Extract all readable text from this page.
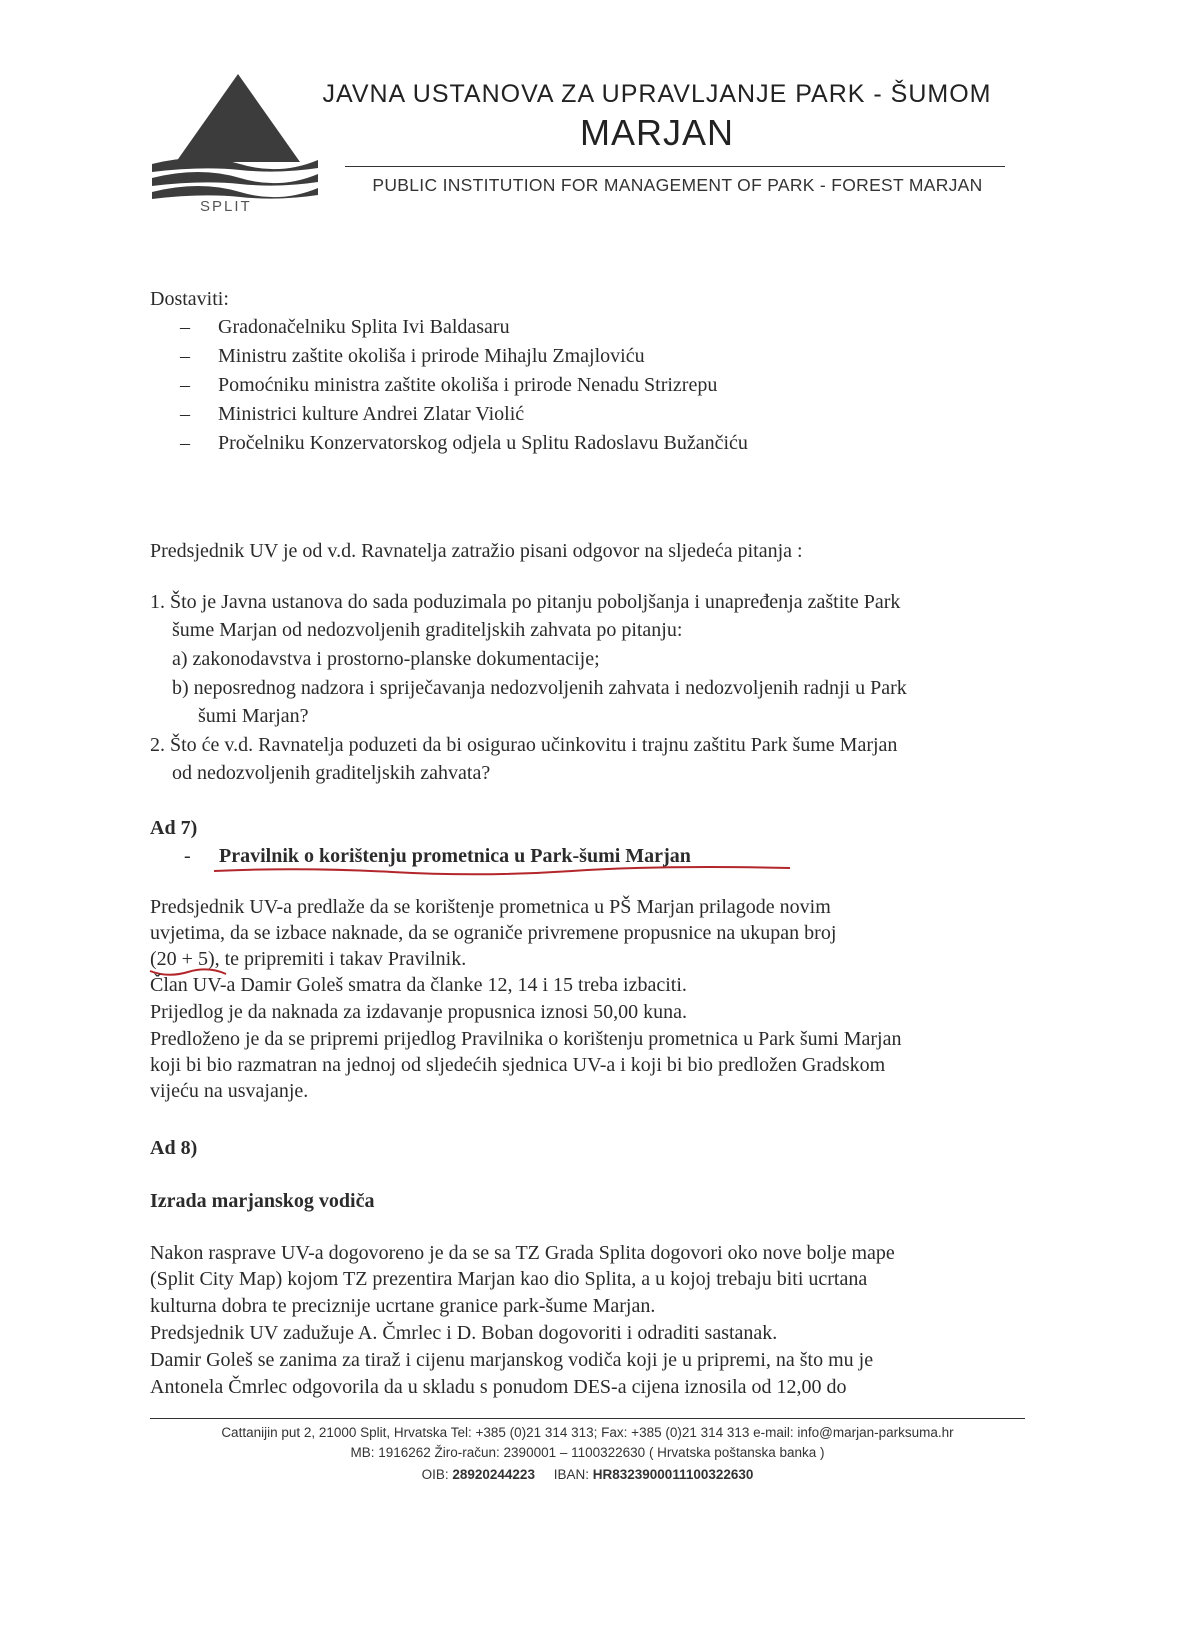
SPLIT
JAVNA USTANOVA ZA UPRAVLJANJE PARK - ŠUMOM
MARJAN
PUBLIC INSTITUTION FOR MANAGEMENT OF PARK - FOREST MARJAN
Dostaviti:
– Gradonačelniku Splita Ivi Baldasaru
– Ministru zaštite okoliša i prirode Mihajlu Zmajloviću
– Pomoćniku ministra zaštite okoliša i prirode Nenadu Strizrepu
– Ministrici kulture Andrei Zlatar Violić
– Pročelniku Konzervatorskog odjela u Splitu Radoslavu Bužančiću
Predsjednik UV je od v.d. Ravnatelja zatražio pisani odgovor na sljedeća pitanja :
1. Što je Javna ustanova do sada poduzimala po pitanju poboljšanja i unapređenja zaštite Park
šume Marjan od nedozvoljenih graditeljskih zahvata po pitanju:
a) zakonodavstva i prostorno-planske dokumentacije;
b) neposrednog nadzora i spriječavanja nedozvoljenih zahvata i nedozvoljenih radnji u Park
šumi Marjan?
2. Što će v.d. Ravnatelja poduzeti da bi osigurao učinkovitu i trajnu zaštitu Park šume Marjan
od nedozvoljenih graditeljskih zahvata?
Ad 7)
- Pravilnik o korištenju prometnica u Park-šumi Marjan
Predsjednik UV-a predlaže da se korištenje prometnica u PŠ Marjan prilagode novim
uvjetima, da se izbace naknade, da se ograniče privremene propusnice na ukupan broj
(20 + 5), te pripremiti i takav Pravilnik.
Član UV-a Damir Goleš smatra da članke 12, 14 i 15 treba izbaciti.
Prijedlog je da naknada za izdavanje propusnica iznosi 50,00 kuna.
Predloženo je da se pripremi prijedlog Pravilnika o korištenju prometnica u Park šumi Marjan
koji bi bio razmatran na jednoj od sljedećih sjednica UV-a i koji bi bio predložen Gradskom
vijeću na usvajanje.
Ad 8)
Izrada marjanskog vodiča
Nakon rasprave UV-a dogovoreno je da se sa TZ Grada Splita dogovori oko nove bolje mape
(Split City Map) kojom TZ prezentira Marjan kao dio Splita, a u kojoj trebaju biti ucrtana
kulturna dobra te preciznije ucrtane granice park-šume Marjan.
Predsjednik UV zadužuje A. Čmrlec i D. Boban dogovoriti i odraditi sastanak.
Damir Goleš se zanima za tiraž i cijenu marjanskog vodiča koji je u pripremi, na što mu je
Antonela Čmrlec odgovorila da u skladu s ponudom DES-a cijena iznosila od 12,00 do
Cattanijin put 2, 21000 Split, Hrvatska Tel: +385 (0)21 314 313; Fax: +385 (0)21 314 313 e-mail: info@marjan-parksuma.hr
MB: 1916262 Žiro-račun: 2390001 – 1100322630 ( Hrvatska poštanska banka )
OIB: 28920244223 IBAN: HR8323900011100322630
